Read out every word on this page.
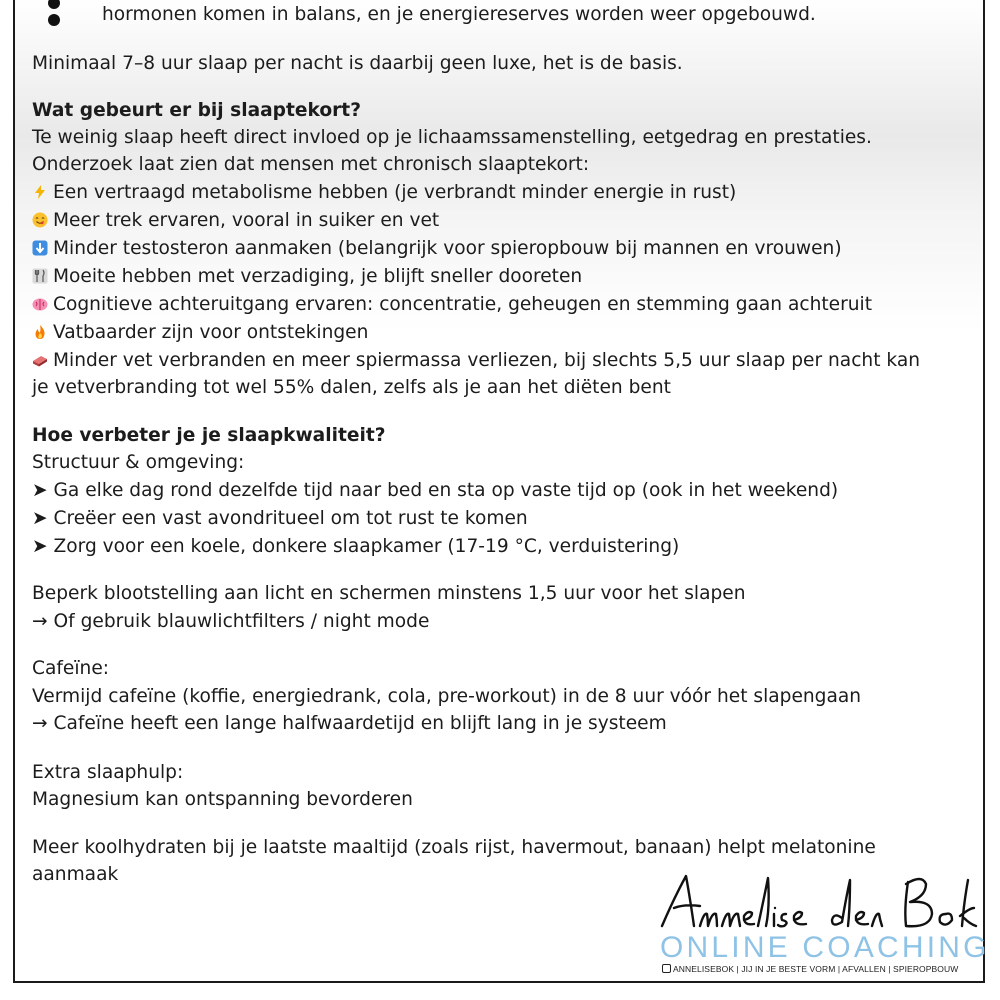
hormonen komen in balans, en je energiereserves worden weer opgebouwd.

Minimaal 7–8 uur slaap per nacht is daarbij geen luxe, het is de basis.

Wat gebeurt er bij slaaptekort?

Te weinig slaap heeft direct invloed op je lichaamssamenstelling, eetgedrag en prestaties.

Onderzoek laat zien dat mensen met chronisch slaaptekort:

Een vertraagd metabolisme hebben (je verbrandt minder energie in rust)

Meer trek ervaren, vooral in suiker en vet

Minder testosteron aanmaken (belangrijk voor spieropbouw bij mannen en vrouwen)

Moeite hebben met verzadiging, je blijft sneller dooreten

Cognitieve achteruitgang ervaren: concentratie, geheugen en stemming gaan achteruit

Vatbaarder zijn voor ontstekingen

Minder vet verbranden en meer spiermassa verliezen, bij slechts 5,5 uur slaap per nacht kan

je vetverbranding tot wel 55% dalen, zelfs als je aan het diëten bent

Hoe verbeter je je slaapkwaliteit?

Structuur & omgeving:

➤ Ga elke dag rond dezelfde tijd naar bed en sta op vaste tijd op (ook in het weekend)

➤ Creëer een vast avondritueel om tot rust te komen

➤ Zorg voor een koele, donkere slaapkamer (17-19 °C, verduistering)

Beperk blootstelling aan licht en schermen minstens 1,5 uur voor het slapen

→ Of gebruik blauwlichtfilters / night mode

Cafeïne:

Vermijd cafeïne (koffie, energiedrank, cola, pre-workout) in de 8 uur vóór het slapengaan

→ Cafeïne heeft een lange halfwaardetijd en blijft lang in je systeem

Extra slaaphulp:

Magnesium kan ontspanning bevorderen

Meer koolhydraten bij je laatste maaltijd (zoals rijst, havermout, banaan) helpt melatonine

aanmaak

ONLINE COACHING
ANNELISEBOK | JIJ IN JE BESTE VORM | AFVALLEN | SPIEROPBOUW
